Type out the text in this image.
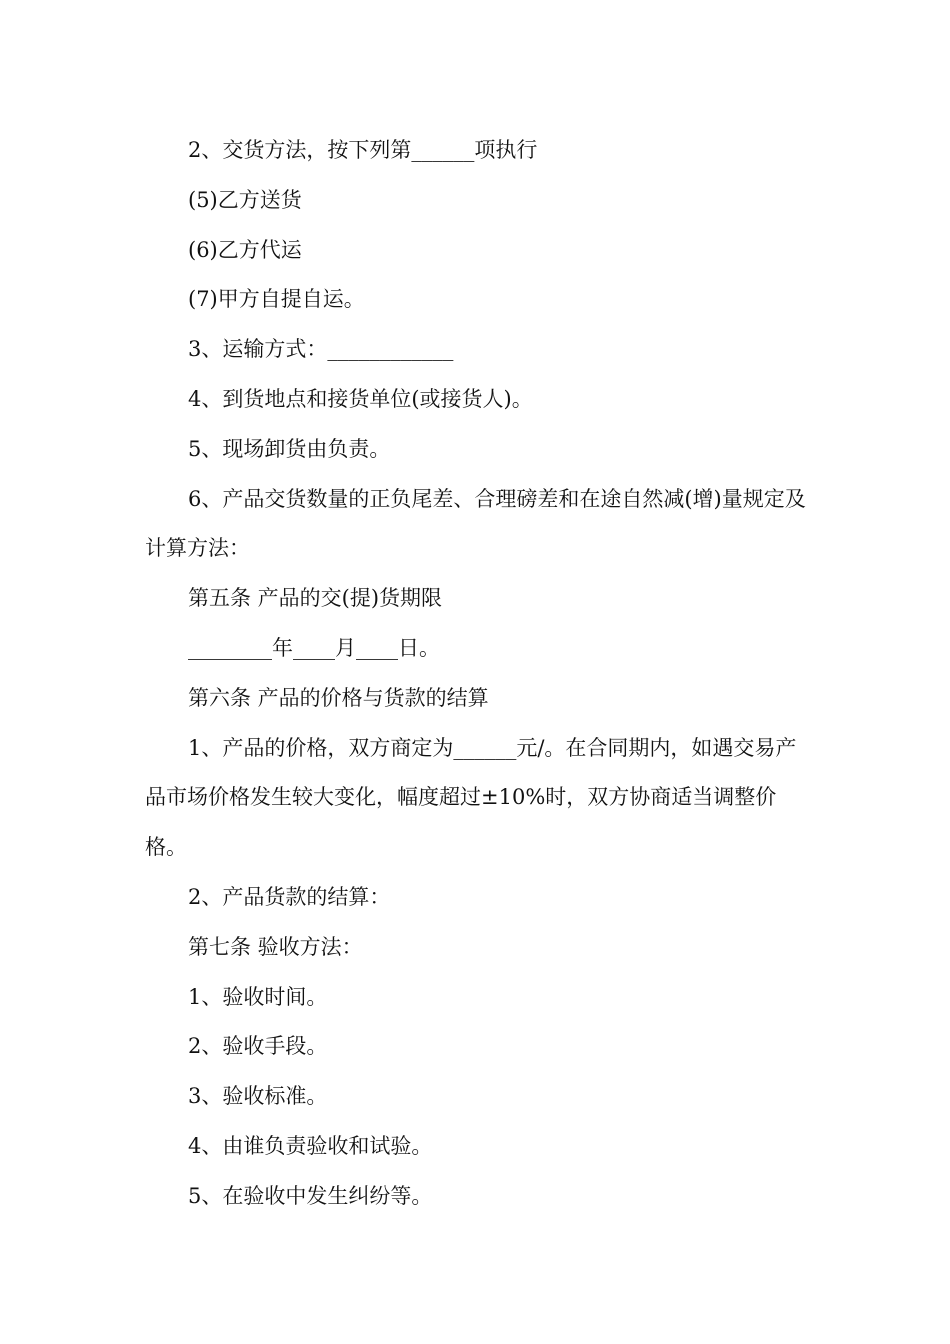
2、交货方法，按下列第______项执行

(5)乙方送货

(6)乙方代运

(7)甲方自提自运。

3、运输方式：____________

4、到货地点和接货单位(或接货人)。

5、现场卸货由负责。

6、产品交货数量的正负尾差、合理磅差和在途自然减(增)量规定及计算方法：

第五条 产品的交(提)货期限

________年____月____日。

第六条 产品的价格与货款的结算

1、产品的价格，双方商定为______元/。在合同期内，如遇交易产品市场价格发生较大变化，幅度超过±10%时，双方协商适当调整价格。

2、产品货款的结算：

第七条 验收方法：

1、验收时间。

2、验收手段。

3、验收标准。

4、由谁负责验收和试验。

5、在验收中发生纠纷等。
